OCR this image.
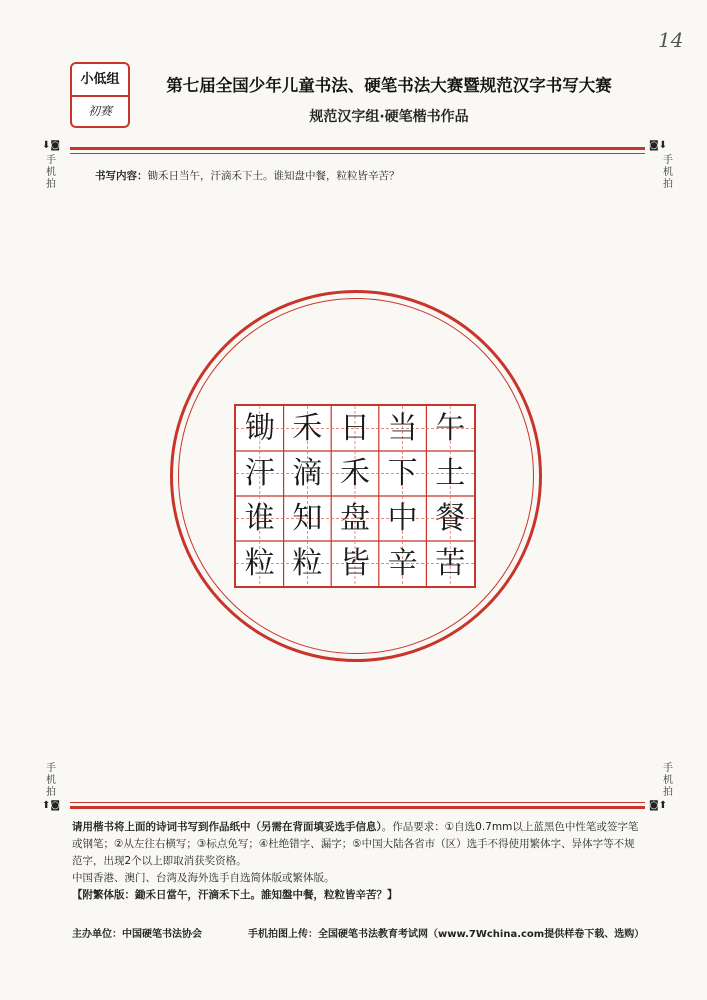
14
小低组
初赛
第七届全国少年儿童书法、硬笔书法大赛暨规范汉字书写大赛
规范汉字组·硬笔楷书作品
⬇◙
手机拍
◙⬇
手机拍
书写内容：锄禾日当午，汗滴禾下土。谁知盘中餐，粒粒皆辛苦？
锄 禾 日 当 午
汗 滴 禾 下 土
谁 知 盘 中 餐
粒 粒 皆 辛 苦
手机拍
⬆◙
手机拍
◙⬆
请用楷书将上面的诗词书写到作品纸中（另需在背面填妥选手信息）。作品要求：①自选0.7mm以上蓝黑色中性笔或签字笔或钢笔；②从左往右横写；③标点免写；④杜绝错字、漏字；⑤中国大陆各省市（区）选手不得使用繁体字、异体字等不规范字，出现2个以上即取消获奖资格。
中国香港、澳门、台湾及海外选手自选简体版或繁体版。
【附繁体版：鋤禾日當午，汗滴禾下土。誰知盤中餐，粒粒皆辛苦？】
主办单位：中国硬笔书法协会	手机拍图上传：全国硬笔书法教育考试网（www.7Wchina.com提供样卷下载、选购）
